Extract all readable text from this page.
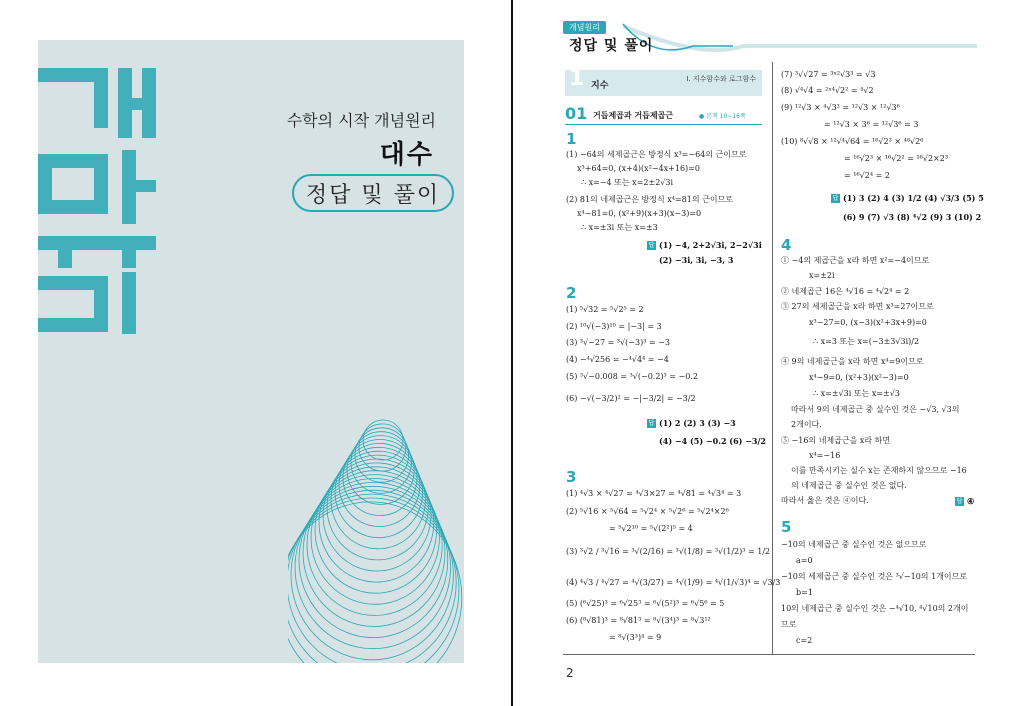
수학의 시작 개념원리
대수
정답 및 풀이
개념원리
정답 및 풀이
1 지수
Ⅰ. 지수함수와 로그함수
01 거듭제곱과 거듭제곱근	● 본책 10~16쪽
1
(1) −64의 세제곱근은 방정식 x³=−64의 근이므로
x³+64=0, (x+4)(x²−4x+16)=0
∴ x=−4 또는 x=2±2√3i
(2) 81의 네제곱근은 방정식 x⁴=81의 근이므로
x⁴−81=0, (x²+9)(x+3)(x−3)=0
∴ x=±3i 또는 x=±3
답 (1) −4, 2+2√3i, 2−2√3i
(2) −3i, 3i, −3, 3
2
(1) ⁵√32 = ⁵√2⁵ = 2
(2) ¹⁰√(−3)¹⁰ = |−3| = 3
(3) ³√−27 = ³√(−3)³ = −3
(4) −⁴√256 = −⁴√4⁴ = −4
(5) ³√−0.008 = ³√(−0.2)³ = −0.2
(6) −√(−3/2)² = −|−3/2| = −3/2
답 (1) 2 (2) 3 (3) −3
(4) −4 (5) −0.2 (6) −3/2
3
(1) ⁴√3 × ⁴√27 = ⁴√3×27 = ⁴√81 = ⁴√3⁴ = 3
(2) ⁵√16 × ⁵√64 = ⁵√2⁴ × ⁵√2⁶ = ⁵√2⁴×2⁶
= ⁵√2¹⁰ = ⁵√(2²)⁵ = 4
(3) ³√2 / ³√16 = ³√(2/16) = ³√(1/8) = ³√(1/2)³ = 1/2
(4) ⁴√3 / ⁴√27 = ⁴√(3/27) = ⁴√(1/9) = ⁴√(1/√3)⁴ = √3/3
(5) (⁶√25)³ = ⁶√25³ = ⁶√(5²)³ = ⁶√5⁶ = 5
(6) (⁸√81)³ = ⁸√81³ = ⁸√(3⁴)³ = ⁸√3¹²
= ⁸√(3³)⁴ = 9
(7) ³√√27 = ³ˣ²√3³ = √3
(8) √⁴√4 = ²ˣ⁴√2² = ⁴√2
(9) ¹²√3 × ⁴√3² = ¹²√3 × ¹²√3⁶
= ¹²√3 × 3⁶ = ¹²√3⁶ = 3
(10) ⁸√√8 × ¹²√⁴√64 = ¹⁶√2³ × ⁴⁸√2⁶
= ¹⁶√2³ × ¹⁶√2² = ¹⁶√2×2³
= ¹⁶√2⁴ = 2
답 (1) 3 (2) 4 (3) 1/2 (4) √3/3 (5) 5
(6) 9 (7) √3 (8) ⁴√2 (9) 3 (10) 2
4
① −4의 제곱근을 x라 하면 x²=−4이므로
x=±2i
② 네제곱근 16은 ⁴√16 = ⁴√2⁴ = 2
③ 27의 세제곱근을 x라 하면 x³=27이므로
x³−27=0, (x−3)(x²+3x+9)=0
∴ x=3 또는 x=(−3±3√3i)/2
④ 9의 네제곱근을 x라 하면 x⁴=9이므로
x⁴−9=0, (x²+3)(x²−3)=0
∴ x=±√3i 또는 x=±√3
따라서 9의 네제곱근 중 실수인 것은 −√3, √3의
2개이다.
⑤ −16의 네제곱근을 x라 하면
x⁴=−16
이를 만족시키는 실수 x는 존재하지 않으므로 −16
의 네제곱근 중 실수인 것은 없다.
따라서 옳은 것은 ④이다.	답 ④
5
−10의 네제곱근 중 실수인 것은 없으므로
a=0
−10의 세제곱근 중 실수인 것은 ³√−10의 1개이므로
b=1
10의 네제곱근 중 실수인 것은 −⁴√10, ⁴√10의 2개이
므로
c=2
2
